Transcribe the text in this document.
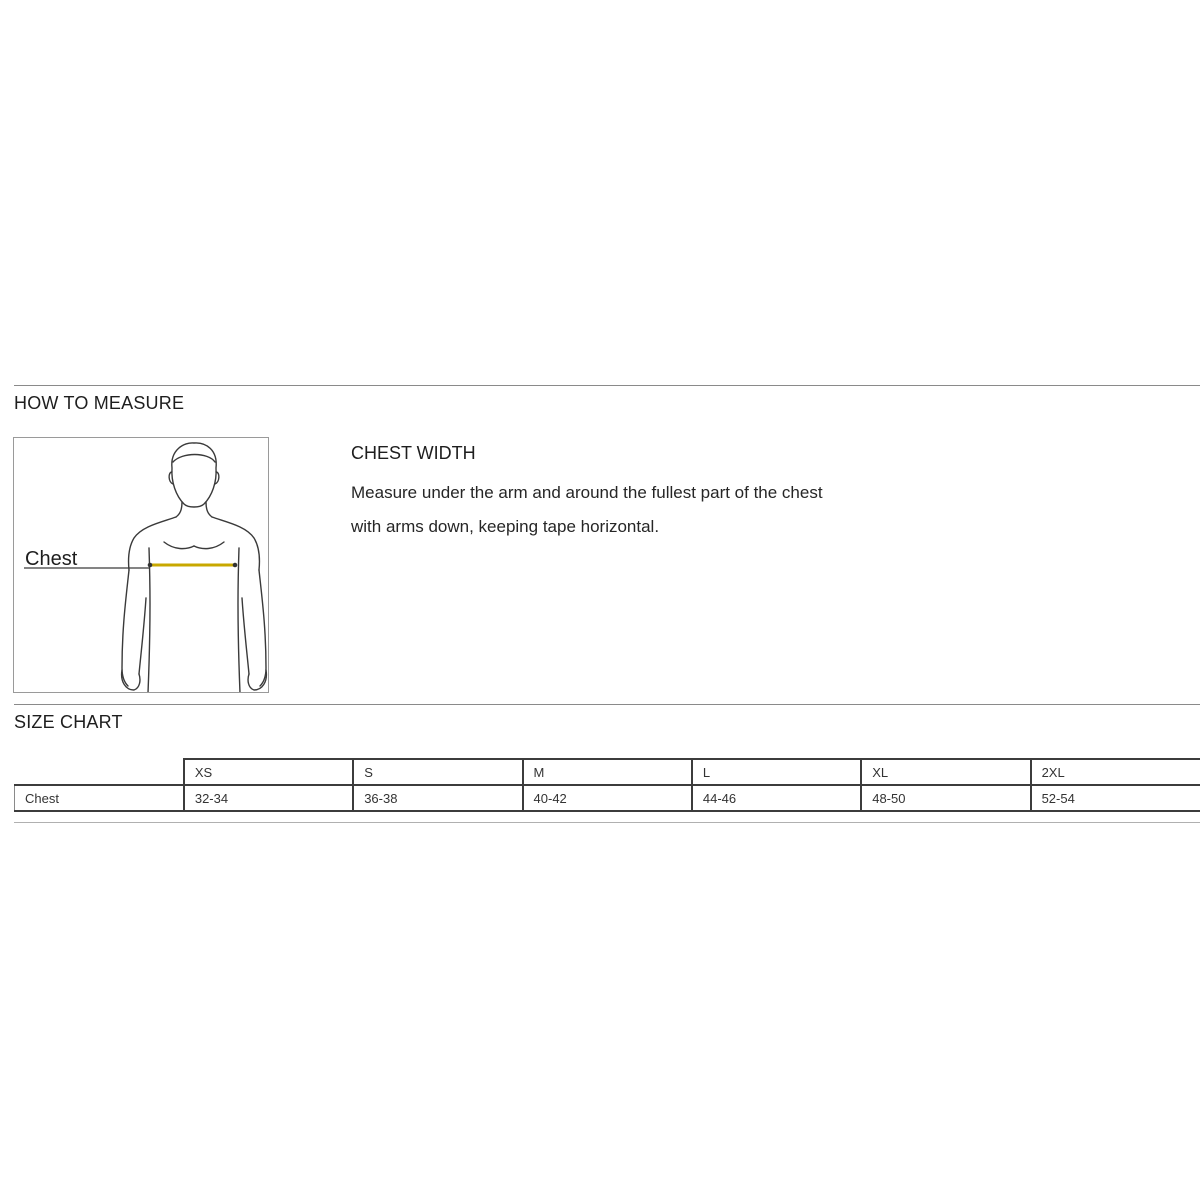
HOW TO MEASURE
Chest
CHEST WIDTH

Measure under the arm and around the fullest part of the chest
with arms down, keeping tape horizontal.

SIZE CHART
	XS	S	M	L	XL	2XL
Chest	32-34	36-38	40-42	44-46	48-50	52-54
